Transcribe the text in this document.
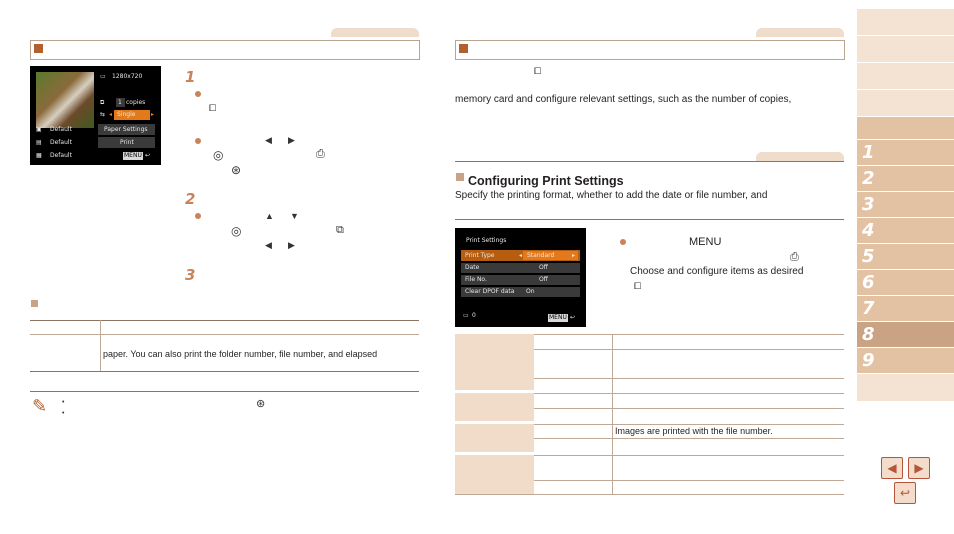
▭ 1280x720
⧉ 1 copies
⇆ Single
◂	▸
▣ Default
▤ Default
▦ Default
Paper Settings
Print
MENU ↩
1
⧠
◀ ▶
◎	⎙
⊛
2
▲ ▼
◎	⧉
◀ ▶
3
paper. You can also print the folder number, file number, and elapsed
✎ •	⊛
•
⧠
memory card and configure relevant settings, such as the number of copies,
Configuring Print Settings
Specify the printing format, whether to add the date or file number, and
Print Settings
Print Type	Standard
◂	▸
Date	Off
File No.	Off
Clear DPOF data On
▭ 0	MENU ↩
MENU
⎙
Choose and configure items as desired
⧠
Images are printed with the file number.
1
2
3
4
5
6
7
8
9
◀	▶
↩
